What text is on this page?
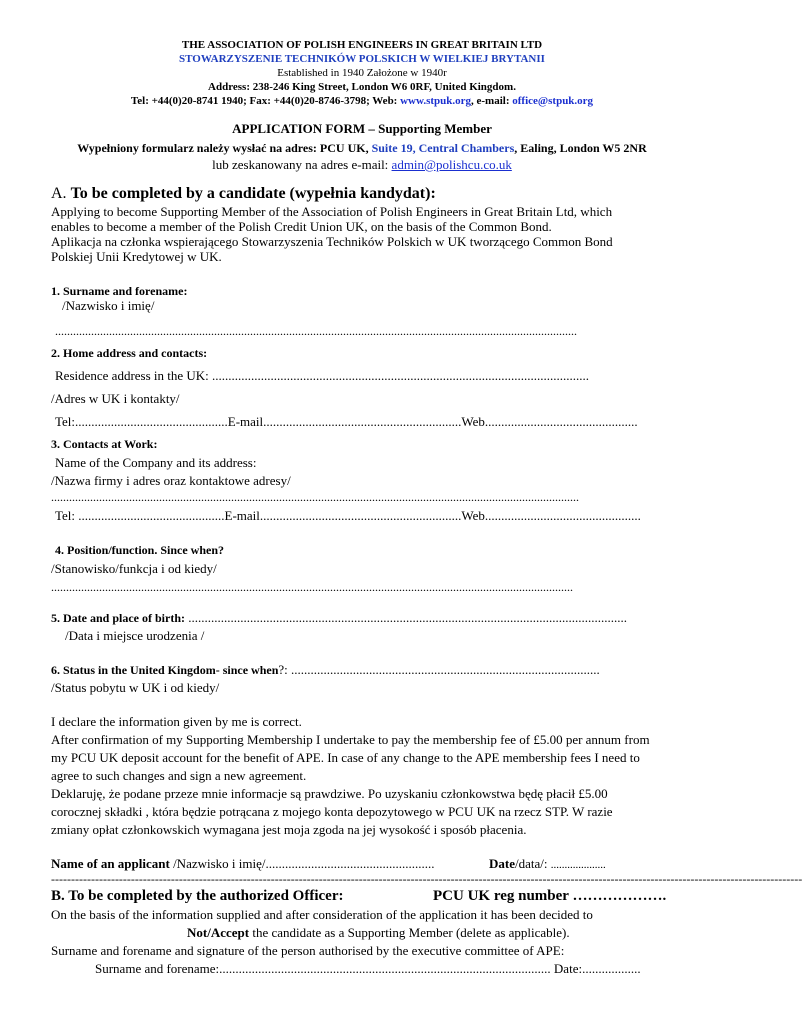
THE ASSOCIATION OF POLISH ENGINEERS IN GREAT BRITAIN LTD
STOWARZYSZENIE TECHNIKÓW POLSKICH W WIELKIEJ BRYTANII
Established in 1940 Założone w 1940r
Address: 238-246 King Street, London W6 0RF, United Kingdom.
Tel: +44(0)20-8741 1940; Fax: +44(0)20-8746-3798; Web: www.stpuk.org, e-mail: office@stpuk.org
APPLICATION FORM – Supporting Member
Wypełniony formularz należy wysłać na adres: PCU UK, Suite 19, Central Chambers, Ealing, London W5 2NR
lub zeskanowany na adres e-mail: admin@polishcu.co.uk
A. To be completed by a candidate (wypełnia kandydat):
Applying to become Supporting Member of the Association of Polish Engineers in Great Britain Ltd, which
enables to become a member of the Polish Credit Union UK, on the basis of the Common Bond.
Aplikacja na członka wspierającego Stowarzyszenia Techników Polskich w UK tworzącego Common Bond
Polskiej Unii Kredytowej w UK.
1. Surname and forename:
/Nazwisko i imię/
..............................................................................................................................................................................
2. Home address and contacts:
Residence address in the UK: ....................................................................................................................
/Adres w UK i kontakty/
Tel:...............................................E-mail.............................................................Web...............................................
3. Contacts at Work:
Name of the Company and its address:
/Nazwa firmy i adres oraz kontaktowe adresy/
................................................................................................................................................................................
Tel: .............................................E-mail..............................................................Web................................................
4. Position/function. Since when?
/Stanowisko/funkcja i od kiedy/
..............................................................................................................................................................................
5. Date and place of birth: .......................................................................................................................................
/Data i miejsce urodzenia /
6. Status in the United Kingdom- since when?: ...............................................................................................
/Status pobytu w UK i od kiedy/
I declare the information given by me is correct.
After confirmation of my Supporting Membership I undertake to pay the membership fee of £5.00 per annum from
my PCU UK deposit account for the benefit of APE. In case of any change to the APE membership fees I need to
agree to such changes and sign a new agreement.
Deklaruję, że podane przeze mnie informacje są prawdziwe. Po uzyskaniu członkowstwa będę płacił £5.00
corocznej składki , która będzie potrącana z mojego konta depozytowego w PCU UK na rzecz STP. W razie
zmiany opłat członkowskich wymagana jest moja zgoda na jej wysokość i sposób płacenia.
Name of an applicant /Nazwisko i imię/....................................................	Date/data/: ....................
--------------------------------------------------------------------------------------------------------------------------------------------------------------------------------------------
B. To be completed by the authorized Officer:	PCU UK reg number ……………….
On the basis of the information supplied and after consideration of the application it has been decided to
Not/Accept the candidate as a Supporting Member (delete as applicable).
Surname and forename and signature of the person authorised by the executive committee of APE:
Surname and forename:...................................................................................................... Date:..................
